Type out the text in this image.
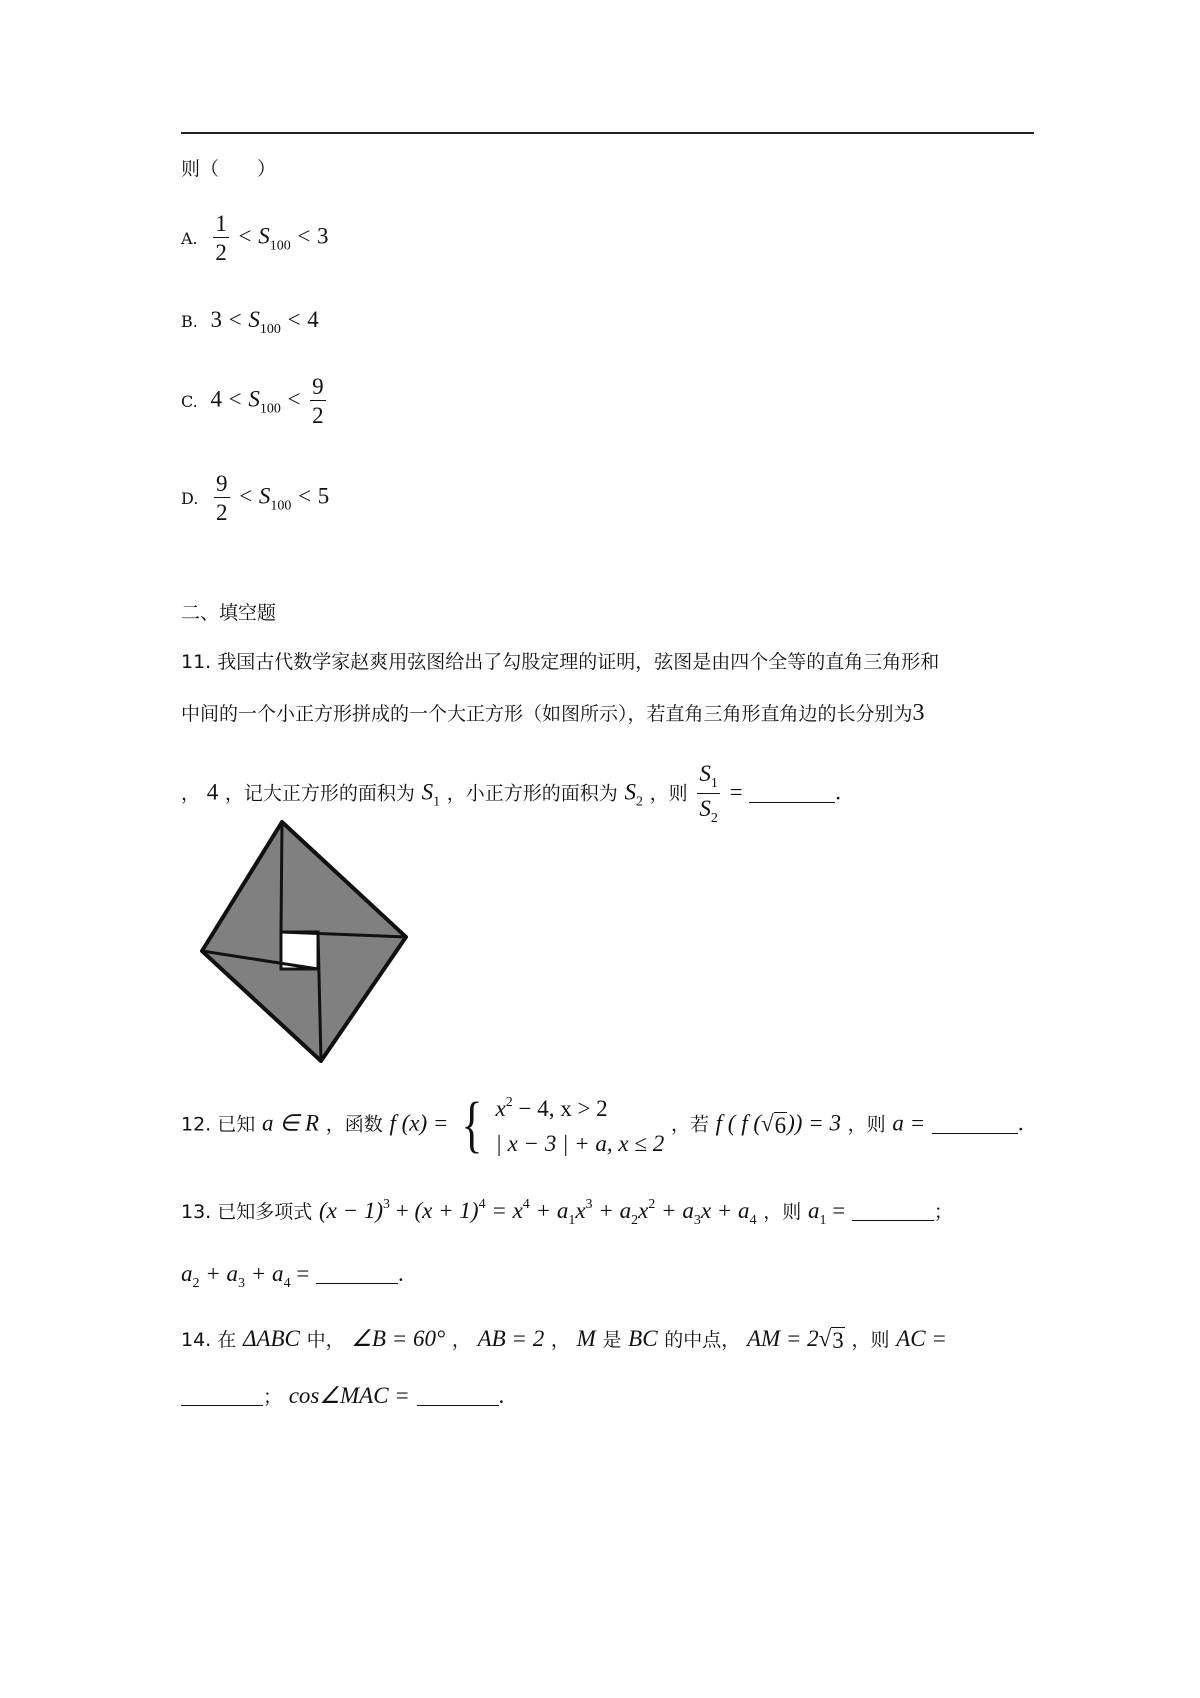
则（　　）
A. $\frac{1}{2} < S_{100} < 3$
B. $3 < S_{100} < 4$
C. $4 < S_{100} < \frac{9}{2}$
D. $\frac{9}{2} < S_{100} < 5$
二、填空题
11. 我国古代数学家赵爽用弦图给出了勾股定理的证明，弦图是由四个全等的直角三角形和
中间的一个小正方形拼成的一个大正方形（如图所示），若直角三角形直角边的长分别为3
， 4 ，记大正方形的面积为 $S_1$ ，小正方形的面积为 $S_2$ ，则 $\frac{S_1}{S_2}$ =	.
12. 已知 a ∈ R ，函数 f (x) = { $x^2 - 4$, x > 2
| x − 3 | + a, x ≤ 2
，若 f ( f (√ 6 )) = 3 ，则 a =	.
13. 已知多项式 $(x - 1)^3 + (x + 1)^4 = x^4 + a_1x^3 + a_2x^2 + a_3x + a_4$ ，则 $a_1$ =	；
$a_2 + a_3 + a_4$ =	.
14. 在 ΔABC 中， ∠B = 60° ， AB = 2 ， M 是 BC 的中点， AM = 2√ 3 ，则 AC =
； cos∠MAC =	.
